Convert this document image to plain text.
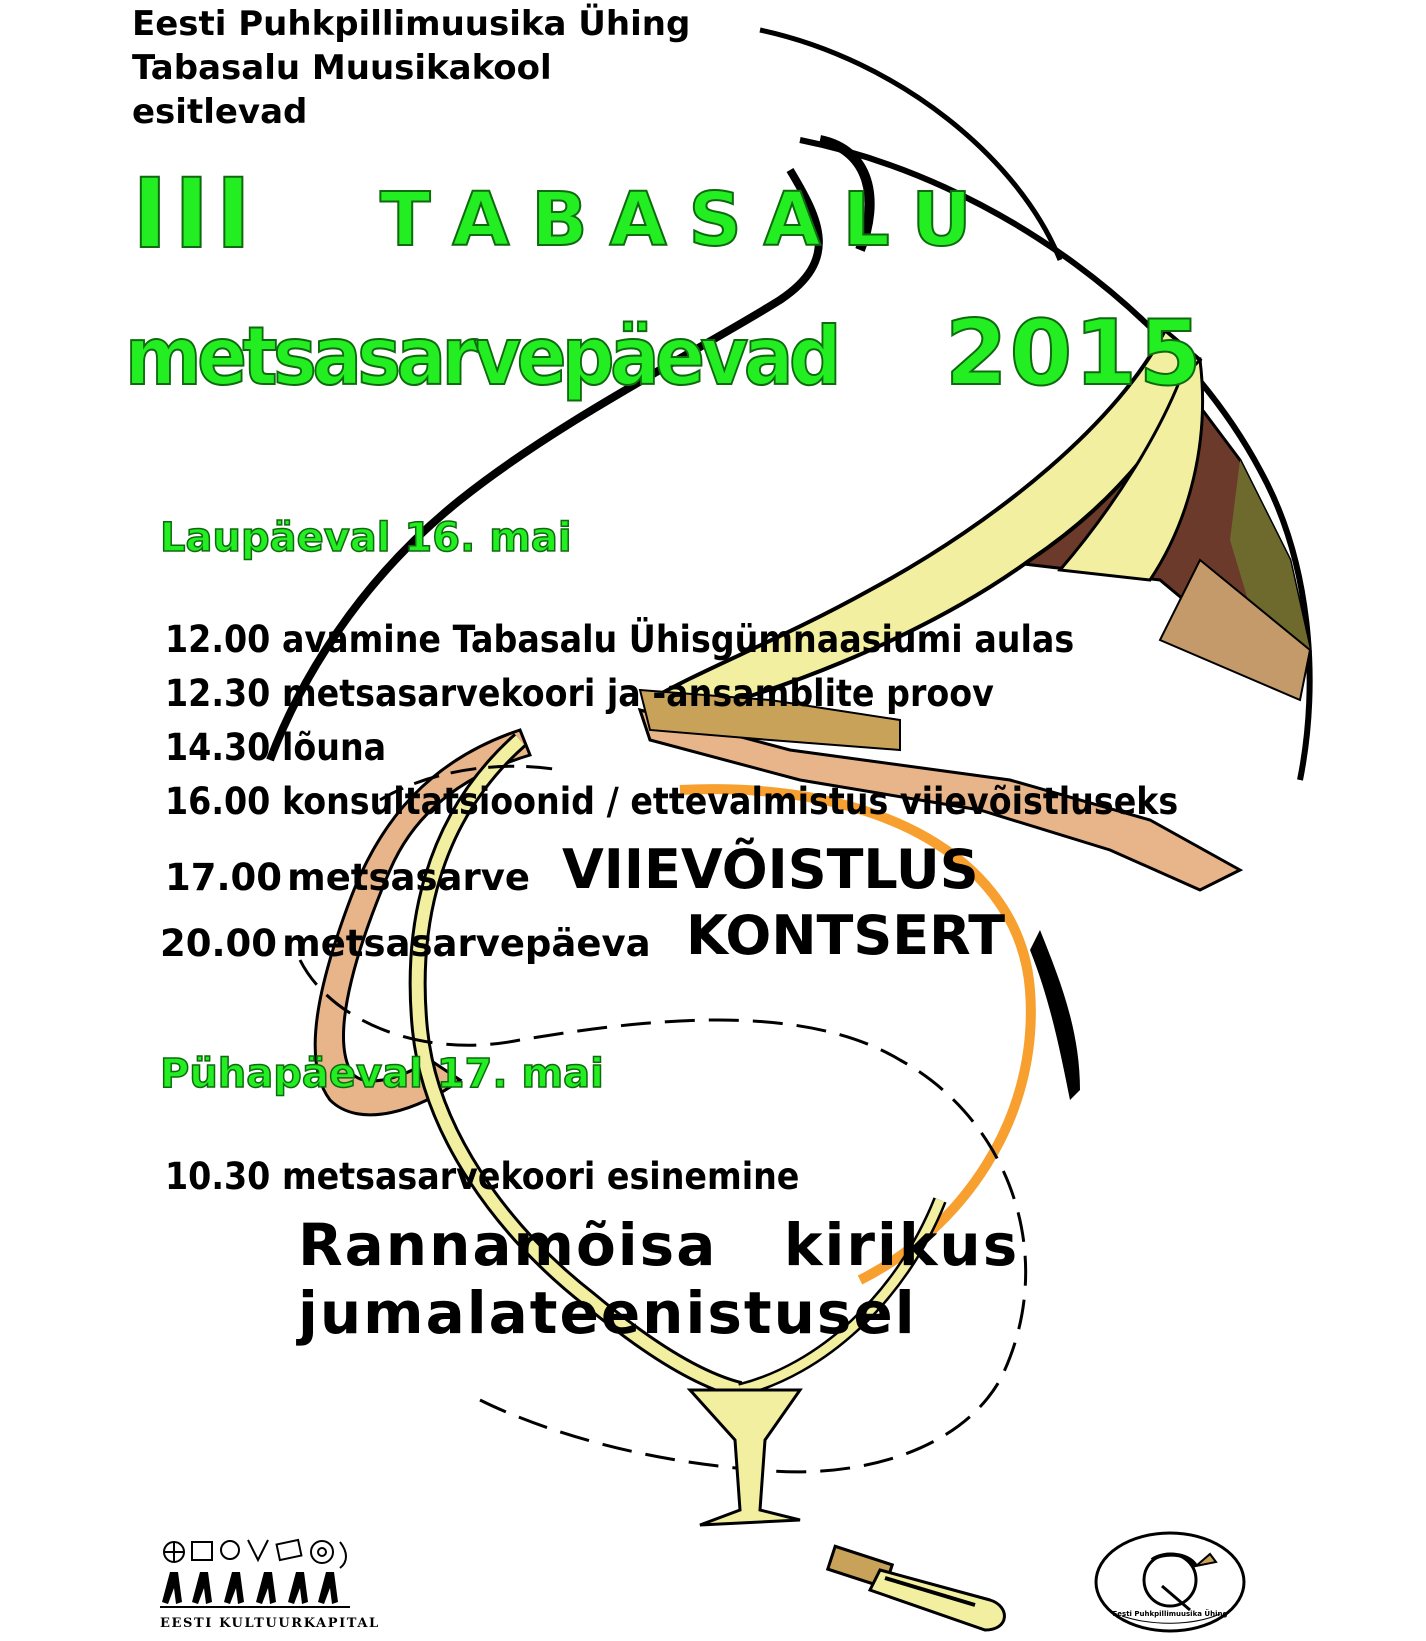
Eesti Puhkpillimuusika Ühing
Tabasalu Muusikakool
esitlevad
III T A B A S A L U
metsasarvepäevad 2015
Laupäeval 16. mai
12.00 avamine Tabasalu Ühisgümnaasiumi aulas
12.30 metsasarvekoori ja -ansamblite proov
14.30 lõuna
16.00 konsultatsioonid / ettevalmistus viievõistluseks
17.00 metsasarve VIIEVÕISTLUS
20.00 metsasarvepäeva KONTSERT
Pühapäeval 17. mai
10.30 metsasarvekoori esinemine
Rannamõisa   kirikus
jumalateenistusel
EESTI KULTUURKAPITAL
Eesti Puhkpillimuusika Ühing
